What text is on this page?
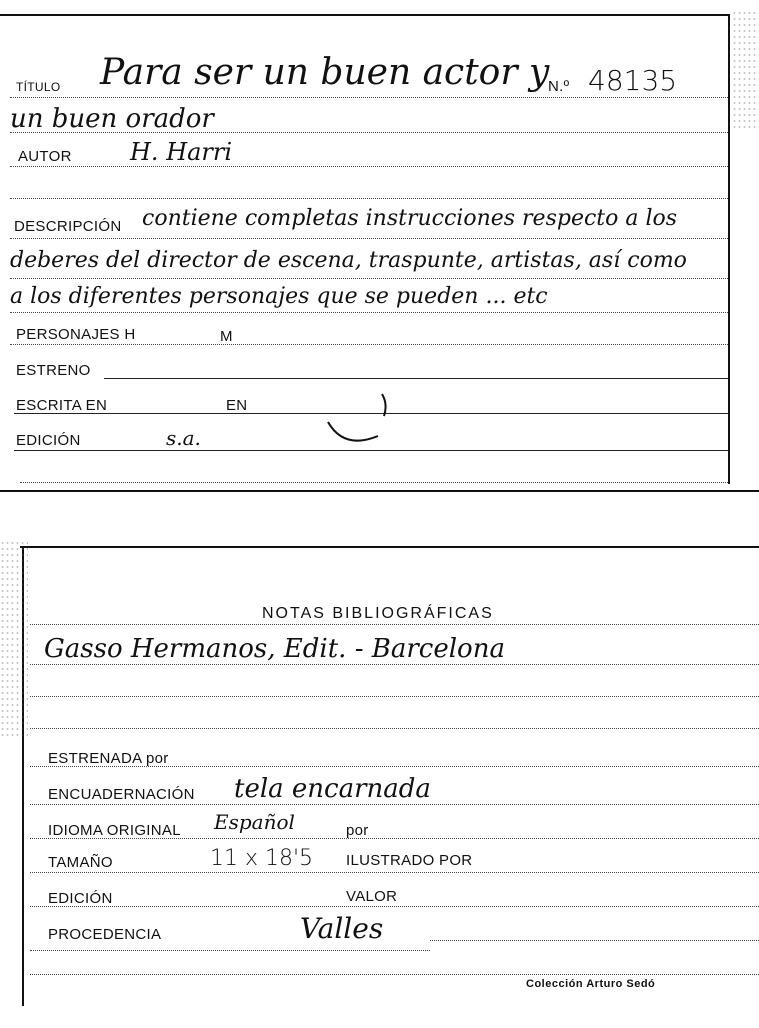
TÍTULO Para ser un buen actor y
N.º 48135
un buen orador
AUTOR H. Harri
DESCRIPCIÓN contiene completas instrucciones respecto a los
deberes del director de escena, traspunte, artistas, así como
a los diferentes personajes que se pueden ... etc
PERSONAJES H	M
ESTRENO
ESCRITA EN	EN
EDICIÓN	s.a.
NOTAS BIBLIOGRÁFICAS
Gasso Hermanos, Edit. - Barcelona
ESTRENADA por
ENCUADERNACIÓN tela encarnada
IDIOMA ORIGINAL Español	por
TAMAÑO	11 x 18'5 ILUSTRADO POR
EDICIÓN	VALOR
PROCEDENCIA	Valles
Colección Arturo Sedó
